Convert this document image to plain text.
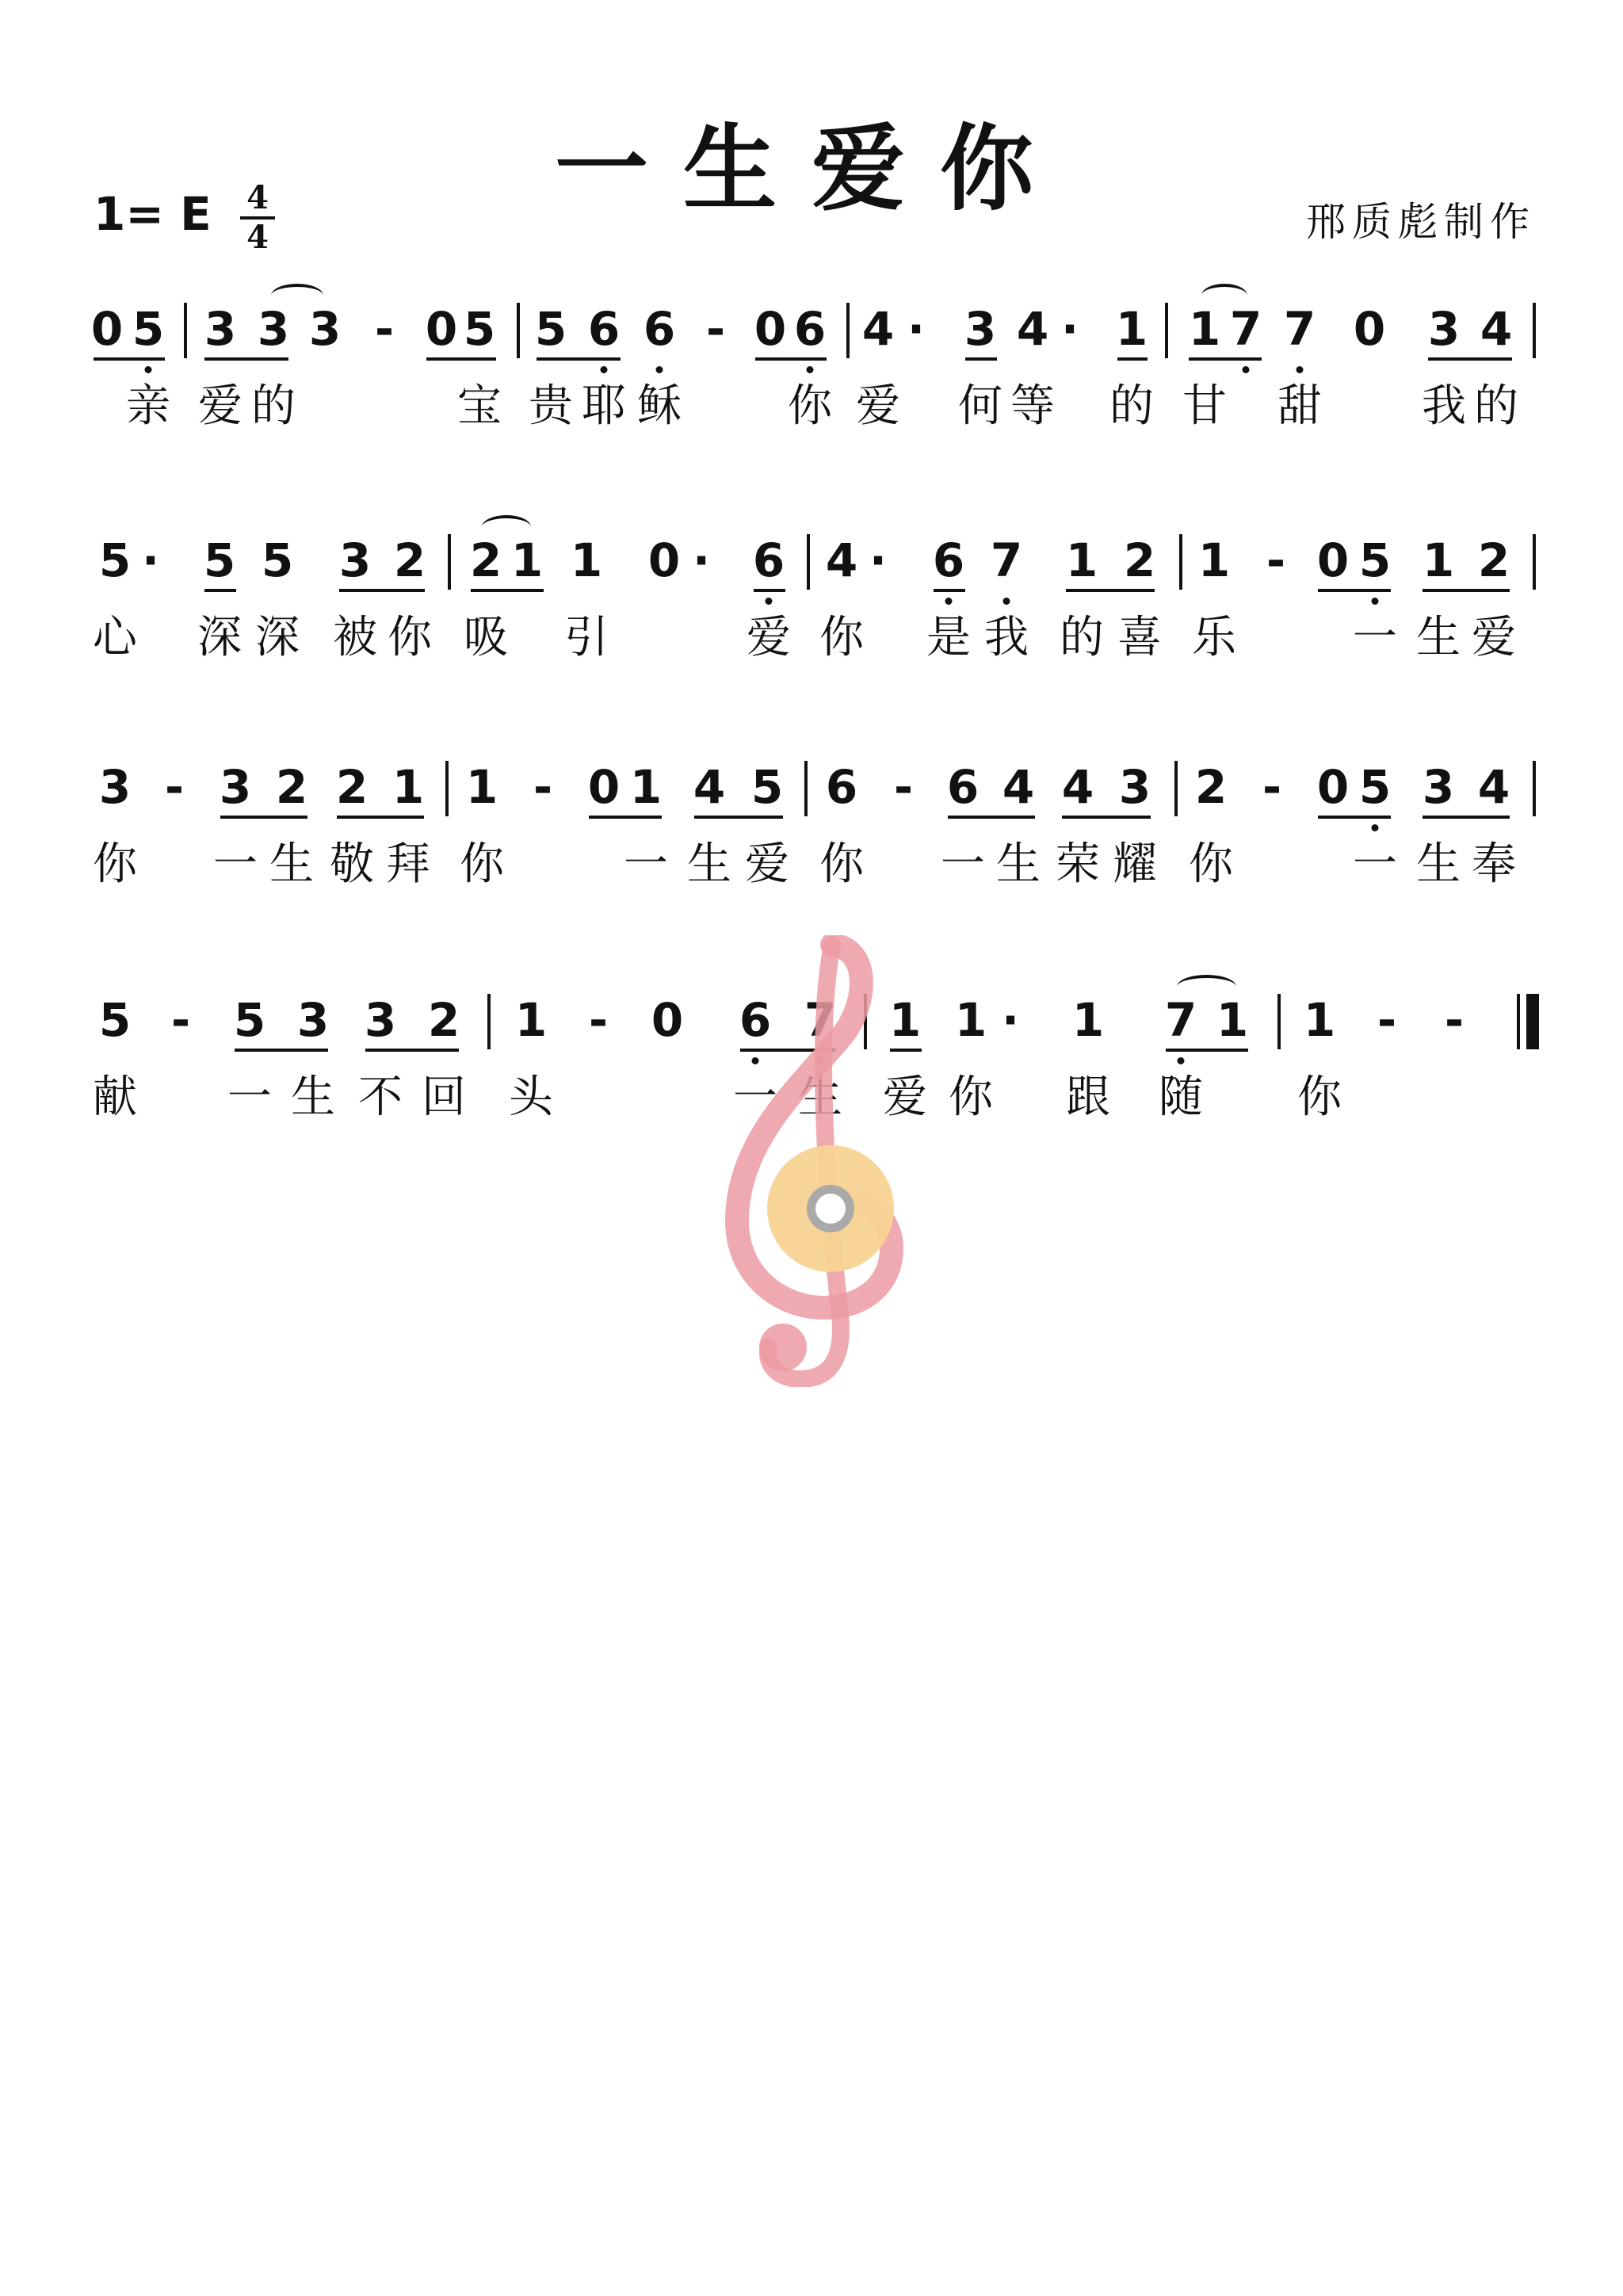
一生爱你
1= E 4
4	邢质彪制作
0 5 3 3 3 - 0 5 5 6 6 - 0 6 4 · 3 4 · 1 1 7 7 0 3 4
亲 爱 的	宝 贵 耶 稣 你 爱 何 等 的 甘 甜 我 的
5 · 5 5 3 2 2 1 1 0 · 6 4 · 6 7 1 2 1 - 0 5 1 2
心 深 深 被 你 吸 引	爱 你 是 我 的 喜 乐	一 生 爱
3 - 3 2 2 1 1 - 0 1 4 5 6 - 6 4 4 3 2 - 0 5 3 4
你 一 生 敬 拜 你	一 生 爱 你 一 生 荣 耀 你	一 生 奉
5 - 5 3 3 2 1 - 0 6 7 1 1 · 1 7 1 1 - -
献 一 生 不 回 头	一 生 爱 你 跟 随 你
